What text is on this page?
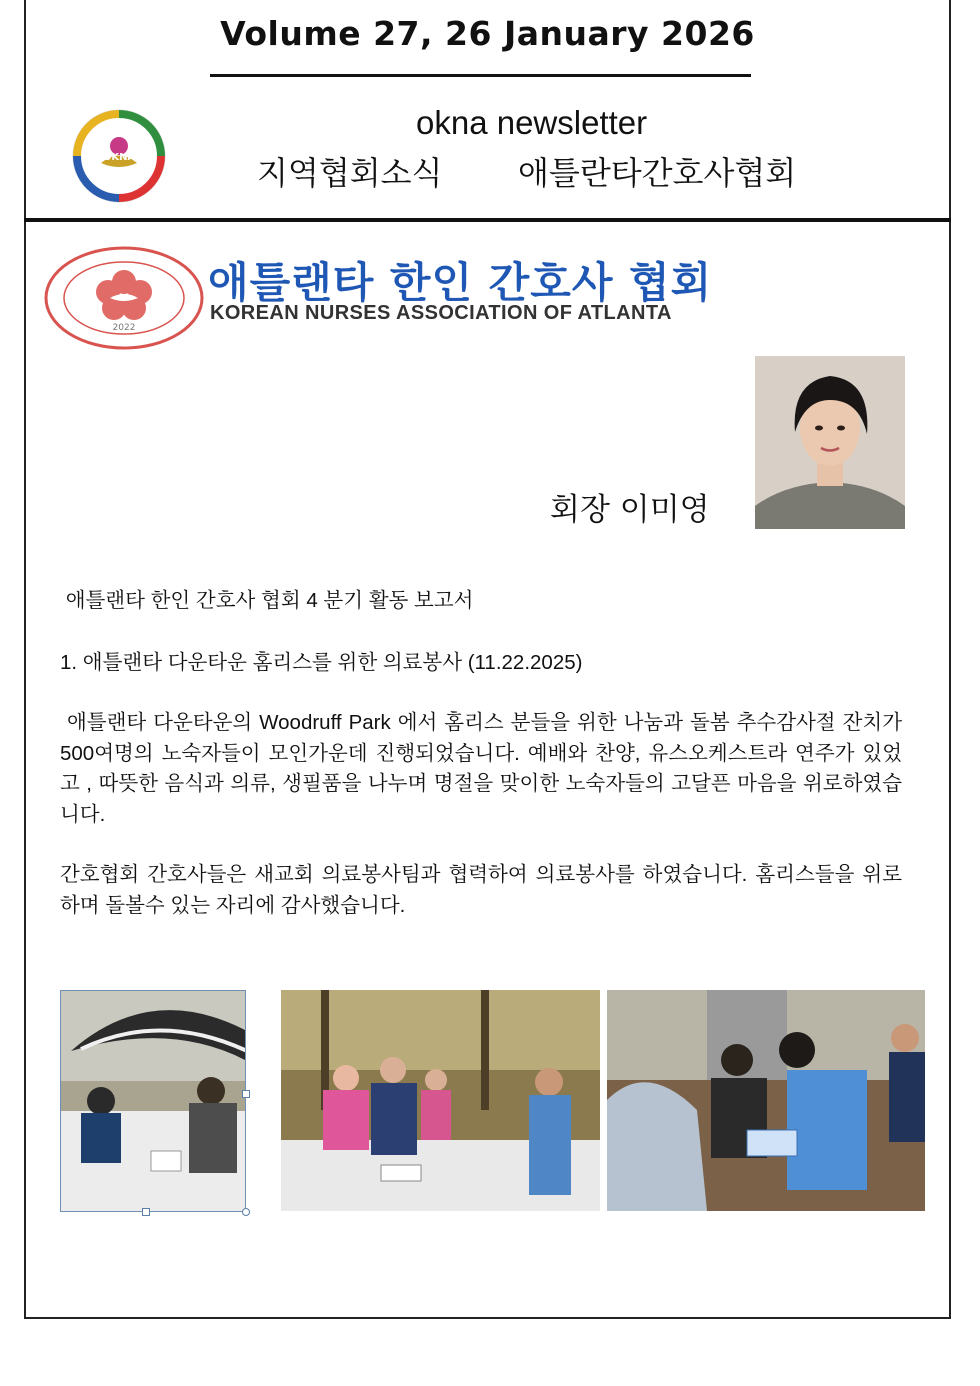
Volume 27, 26 January 2026
OKNA
okna newsletter
지역협회소식 애틀란타간호사협회
2022
애틀랜타 한인 간호사 협회
KOREAN NURSES ASSOCIATION OF ATLANTA
회장 이미영
애틀랜타 한인 간호사 협회 4 분기 활동 보고서
1. 애틀랜타 다운타운 홈리스를 위한 의료봉사 (11.22.2025)
애틀랜타 다운타운의 Woodruff Park 에서 홈리스 분들을 위한 나눔과 돌봄 추수감사절 잔치가 500여명의 노숙자들이 모인가운데 진행되었습니다. 예배와 찬양, 유스오케스트라 연주가 있었고 , 따뜻한 음식과 의류, 생필품을 나누며 명절을 맞이한 노숙자들의 고달픈 마음을 위로하였습니다.
간호협회 간호사들은 새교회 의료봉사팀과 협력하여 의료봉사를 하였습니다. 홈리스들을 위로하며 돌볼수 있는 자리에 감사했습니다.
